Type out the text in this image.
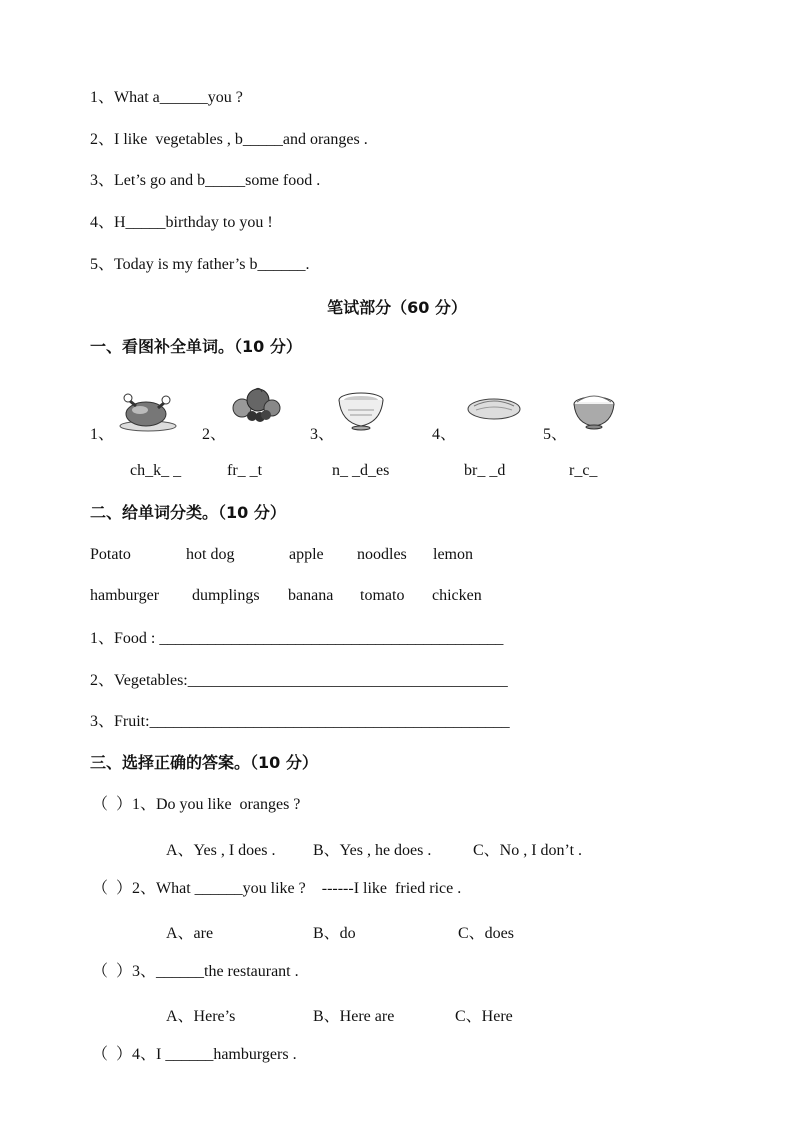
1、What a______you ?
2、I like  vegetables , b_____and oranges .
3、Let’s go and b_____some food .
4、H_____birthday to you !
5、Today is my father’s b______.
笔试部分（60 分）
一、看图补全单词。（10 分）
1、	2、	3、	4、	5、
ch_k_ _	fr_ _t	n_ _d_es	br_ _d	r_c_
二、给单词分类。（10 分）
Potato	hot dog	apple noodles lemon
hamburger dumplings banana tomato chicken
1、Food : ___________________________________________
2、Vegetables:________________________________________
3、Fruit:_____________________________________________
三、选择正确的答案。（10 分）
（  ）1、Do you like  oranges ?
A、Yes , I does . B、Yes , he does .	C、No , I don’t .
（  ）2、What ______you like ?    ------I like  fried rice .
A、are	B、do	C、does
（  ）3、______the restaurant .
A、Here’s	B、Here are	C、Here
（  ）4、I ______hamburgers .
